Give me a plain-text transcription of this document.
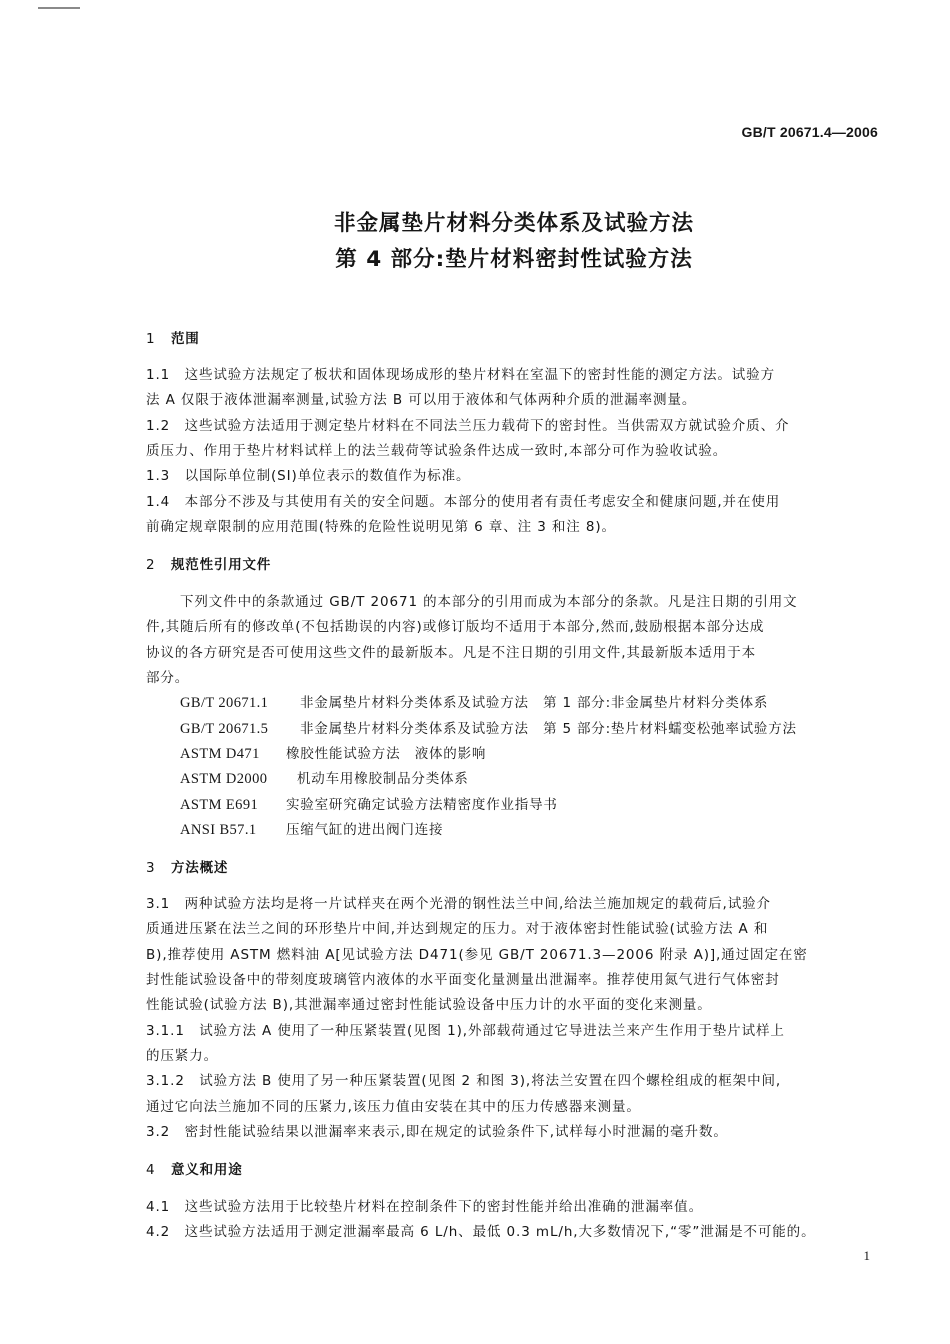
GB/T 20671.4—2006
非金属垫片材料分类体系及试验方法
第 4 部分:垫片材料密封性试验方法
1 范围
1.1　这些试验方法规定了板状和固体现场成形的垫片材料在室温下的密封性能的测定方法。试验方
法 A 仅限于液体泄漏率测量,试验方法 B 可以用于液体和气体两种介质的泄漏率测量。
1.2　这些试验方法适用于测定垫片材料在不同法兰压力载荷下的密封性。当供需双方就试验介质、介
质压力、作用于垫片材料试样上的法兰载荷等试验条件达成一致时,本部分可作为验收试验。
1.3　以国际单位制(SI)单位表示的数值作为标准。
1.4　本部分不涉及与其使用有关的安全问题。本部分的使用者有责任考虑安全和健康问题,并在使用
前确定规章限制的应用范围(特殊的危险性说明见第 6 章、注 3 和注 8)。
2 规范性引用文件
下列文件中的条款通过 GB/T 20671 的本部分的引用而成为本部分的条款。凡是注日期的引用文
件,其随后所有的修改单(不包括勘误的内容)或修订版均不适用于本部分,然而,鼓励根据本部分达成
协议的各方研究是否可使用这些文件的最新版本。凡是不注日期的引用文件,其最新版本适用于本
部分。
GB/T 20671.1 非金属垫片材料分类体系及试验方法　第 1 部分:非金属垫片材料分类体系
GB/T 20671.5 非金属垫片材料分类体系及试验方法　第 5 部分:垫片材料蠕变松弛率试验方法
ASTM D471 橡胶性能试验方法　液体的影响
ASTM D2000 机动车用橡胶制品分类体系
ASTM E691 实验室研究确定试验方法精密度作业指导书
ANSI B57.1 压缩气缸的进出阀门连接
3 方法概述
3.1　两种试验方法均是将一片试样夹在两个光滑的钢性法兰中间,给法兰施加规定的载荷后,试验介
质通进压紧在法兰之间的环形垫片中间,并达到规定的压力。对于液体密封性能试验(试验方法 A 和
B),推荐使用 ASTM 燃料油 A[见试验方法 D471(参见 GB/T 20671.3—2006 附录 A)],通过固定在密
封性能试验设备中的带刻度玻璃管内液体的水平面变化量测量出泄漏率。推荐使用氮气进行气体密封
性能试验(试验方法 B),其泄漏率通过密封性能试验设备中压力计的水平面的变化来测量。
3.1.1　试验方法 A 使用了一种压紧装置(见图 1),外部载荷通过它导进法兰来产生作用于垫片试样上
的压紧力。
3.1.2　试验方法 B 使用了另一种压紧装置(见图 2 和图 3),将法兰安置在四个螺栓组成的框架中间,
通过它向法兰施加不同的压紧力,该压力值由安装在其中的压力传感器来测量。
3.2　密封性能试验结果以泄漏率来表示,即在规定的试验条件下,试样每小时泄漏的毫升数。
4 意义和用途
4.1　这些试验方法用于比较垫片材料在控制条件下的密封性能并给出准确的泄漏率值。
4.2　这些试验方法适用于测定泄漏率最高 6 L/h、最低 0.3 mL/h,大多数情况下,“零”泄漏是不可能的。
1
